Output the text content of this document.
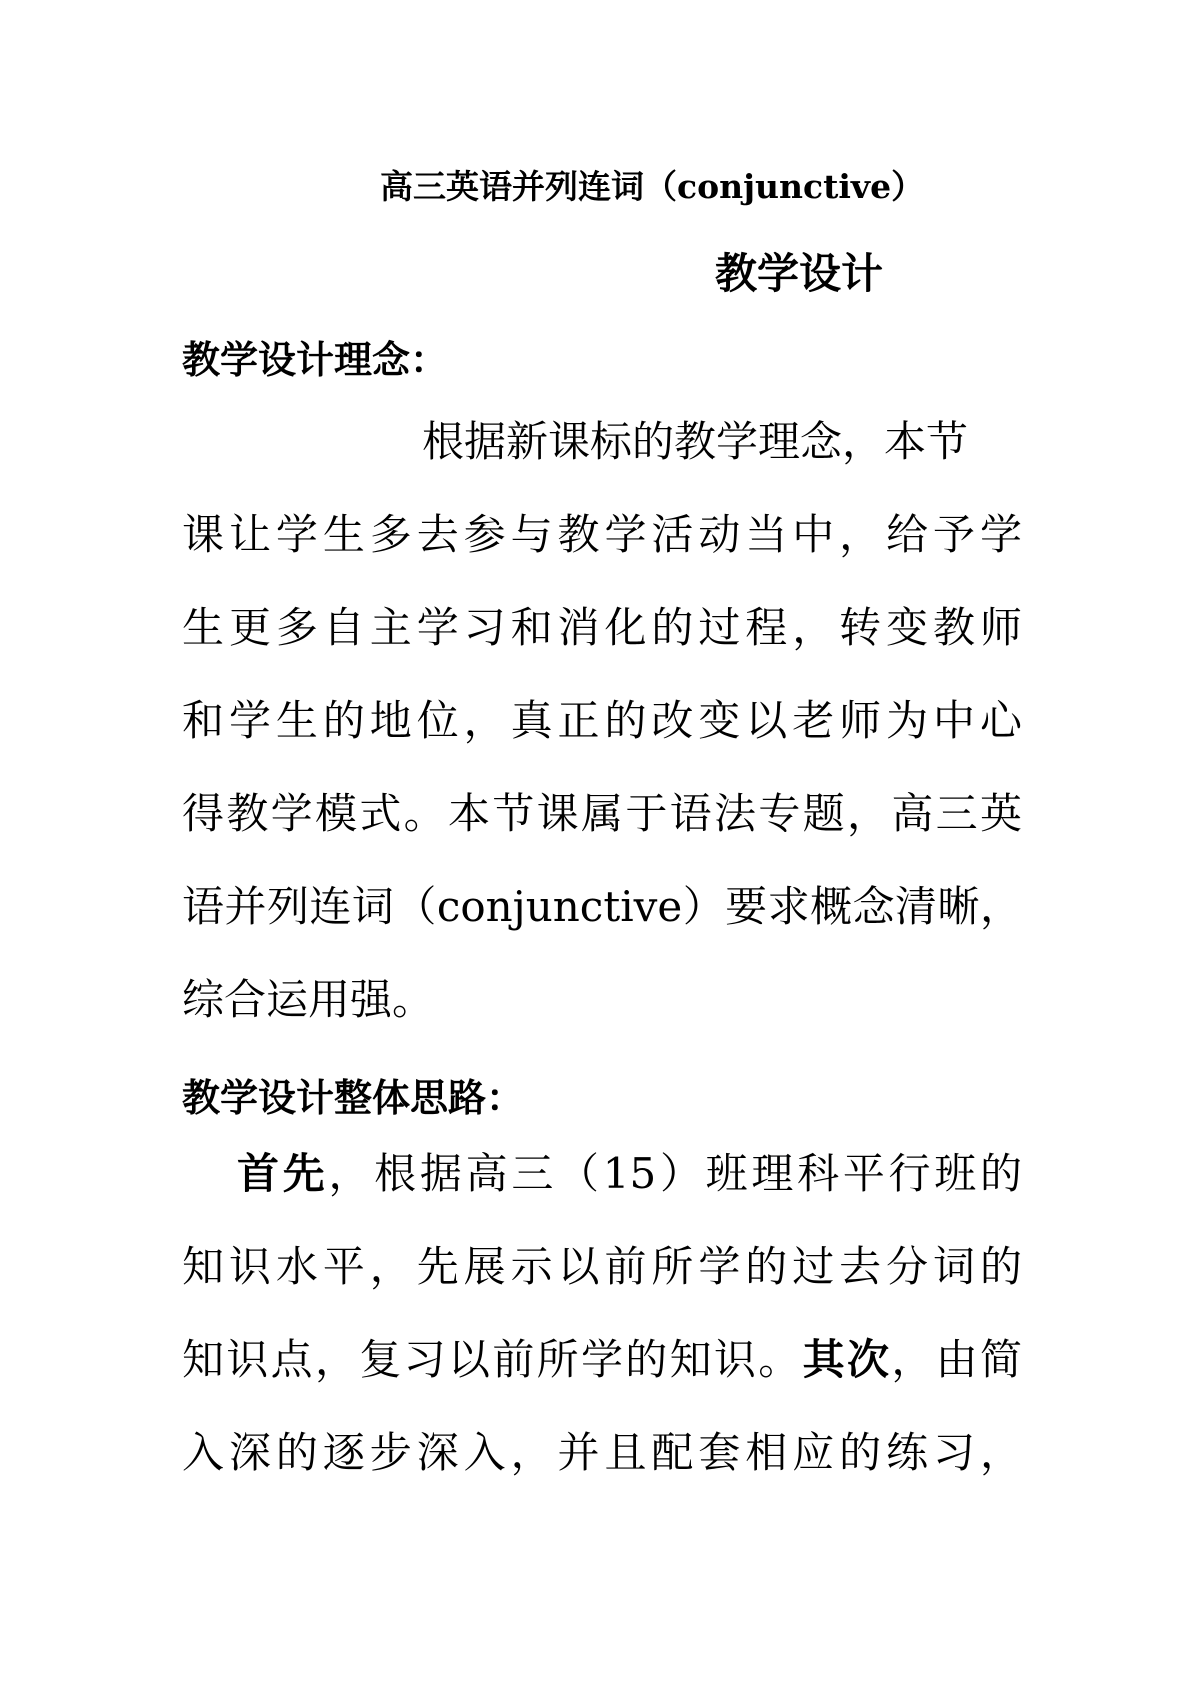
高三英语并列连词（conjunctive）
教学设计
教学设计理念：
根据新课标的教学理念，本节
课让学生多去参与教学活动当中，给予学
生更多自主学习和消化的过程，转变教师
和学生的地位，真正的改变以老师为中心
得教学模式。本节课属于语法专题，高三英
语并列连词（conjunctive）要求概念清晰，
综合运用强。
教学设计整体思路：
首先，根据高三（15）班理科平行班的
知识水平，先展示以前所学的过去分词的
知识点，复习以前所学的知识。其次，由简
入深的逐步深入，并且配套相应的练习，
